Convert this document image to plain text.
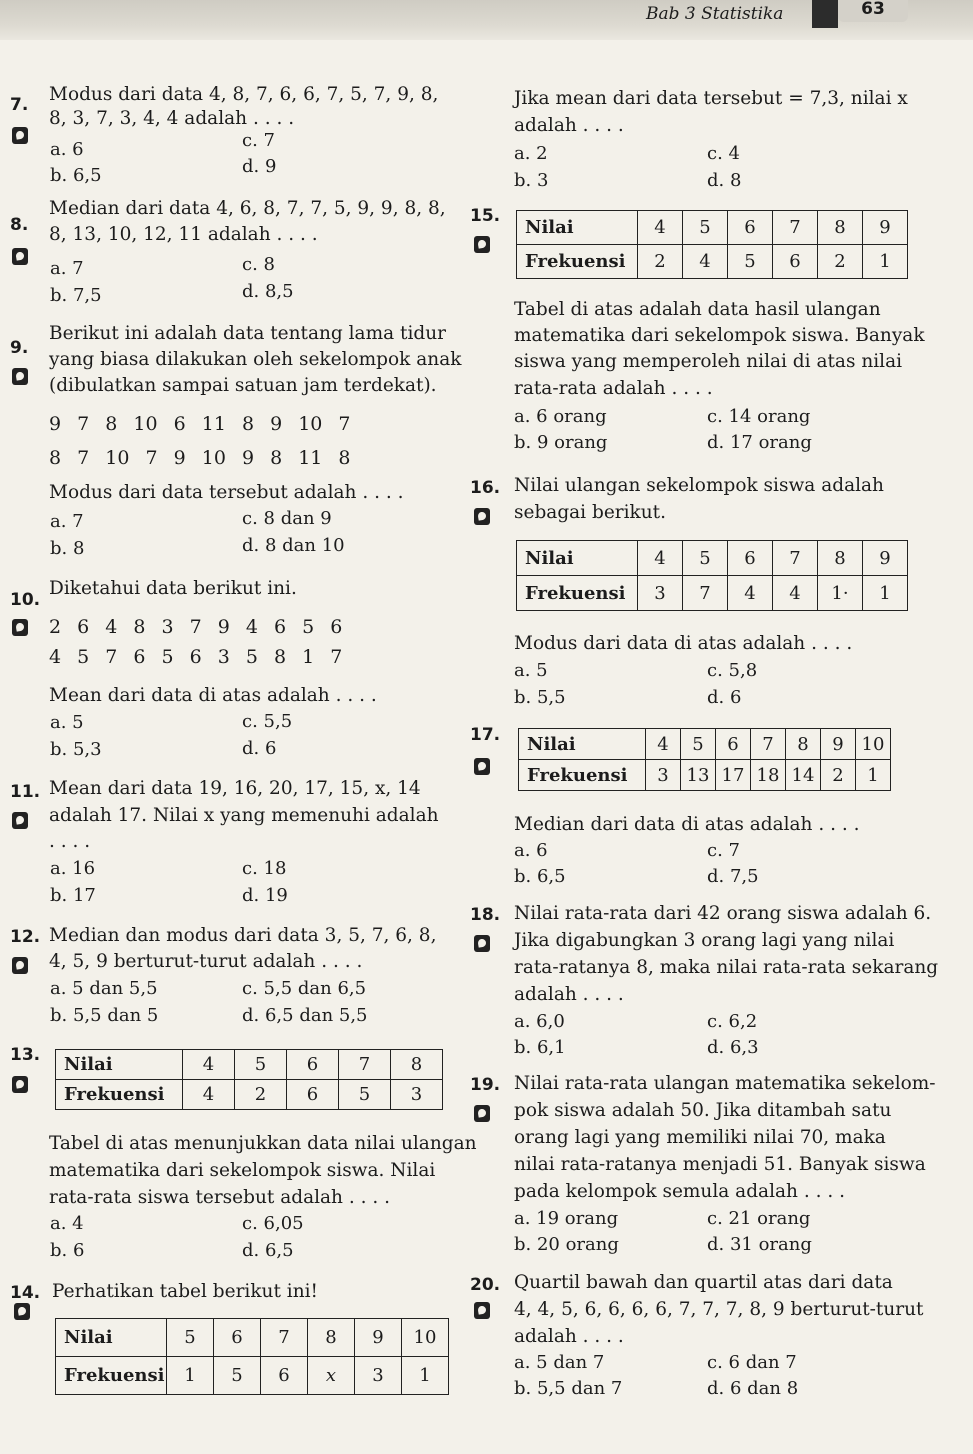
Bab 3 Statistika	63
7. Modus dari data 4, 8, 7, 6, 6, 7, 5, 7, 9, 8,
8, 3, 7, 3, 4, 4 adalah . . . .
a. 6
b. 6,5
c. 7
d. 9
8.
Median dari data 4, 6, 8, 7, 7, 5, 9, 9, 8, 8,
8, 13, 10, 12, 11 adalah . . . .
a. 7
b. 7,5
c. 8
d. 8,5
9.
Berikut ini adalah data tentang lama tidur
yang biasa dilakukan oleh sekelompok anak
(dibulatkan sampai satuan jam terdekat).
9 7 8 10 6 11 8 9 10 7
8 7 10 7 9 10 9 8 11 8
Modus dari data tersebut adalah . . . .
a. 7
b. 8
c. 8 dan 9
d. 8 dan 10
10.
Diketahui data berikut ini.
2 6 4 8 3 7 9 4 6 5 6
4 5 7 6 5 6 3 5 8 1 7
Mean dari data di atas adalah . . . .
a. 5
b. 5,3
c. 5,5
d. 6
11. Mean dari data 19, 16, 20, 17, 15, x, 14
adalah 17. Nilai x yang memenuhi adalah
. . . .
a. 16
b. 17
c. 18
d. 19
12. Median dan modus dari data 3, 5, 7, 6, 8,
4, 5, 9 berturut-turut adalah . . . .
a. 5 dan 5,5
b. 5,5 dan 5
c. 5,5 dan 6,5
d. 6,5 dan 5,5
13. Nilai	4	5	6	7	8
Frekuensi	4	2	6	5	3
Tabel di atas menunjukkan data nilai ulangan
matematika dari sekelompok siswa. Nilai
rata-rata siswa tersebut adalah . . . .
a. 4
b. 6
c. 6,05
d. 6,5
14. Perhatikan tabel berikut ini!
Nilai	5	6	7	8	9	10
Frekuensi	1	5	6	x	3	1
Jika mean dari data tersebut = 7,3, nilai x
adalah . . . .
a. 2
b. 3
c. 4
d. 8
15.
Nilai	4	5	6	7	8	9
Frekuensi	2	4	5	6	2	1
Tabel di atas adalah data hasil ulangan
matematika dari sekelompok siswa. Banyak
siswa yang memperoleh nilai di atas nilai
rata-rata adalah . . . .
a. 6 orang
b. 9 orang
c. 14 orang
d. 17 orang
16. Nilai ulangan sekelompok siswa adalah
sebagai berikut.
Nilai	4	5	6	7	8	9
Frekuensi	3	7	4	4	1·	1
Modus dari data di atas adalah . . . .
a. 5
b. 5,5
c. 5,8
d. 6
17. Nilai	4	5	6	7	8	9	10
Frekuensi	3	13	17	18	14	2	1
Median dari data di atas adalah . . . .
a. 6
b. 6,5
c. 7
d. 7,5
18. Nilai rata-rata dari 42 orang siswa adalah 6.
Jika digabungkan 3 orang lagi yang nilai
rata-ratanya 8, maka nilai rata-rata sekarang
adalah . . . .
a. 6,0
b. 6,1
c. 6,2
d. 6,3
19. Nilai rata-rata ulangan matematika sekelom-
pok siswa adalah 50. Jika ditambah satu
orang lagi yang memiliki nilai 70, maka
nilai rata-ratanya menjadi 51. Banyak siswa
pada kelompok semula adalah . . . .
a. 19 orang
b. 20 orang
c. 21 orang
d. 31 orang
20. Quartil bawah dan quartil atas dari data
4, 4, 5, 6, 6, 6, 6, 7, 7, 7, 8, 9 berturut-turut
adalah . . . .
a. 5 dan 7
b. 5,5 dan 7
c. 6 dan 7
d. 6 dan 8
